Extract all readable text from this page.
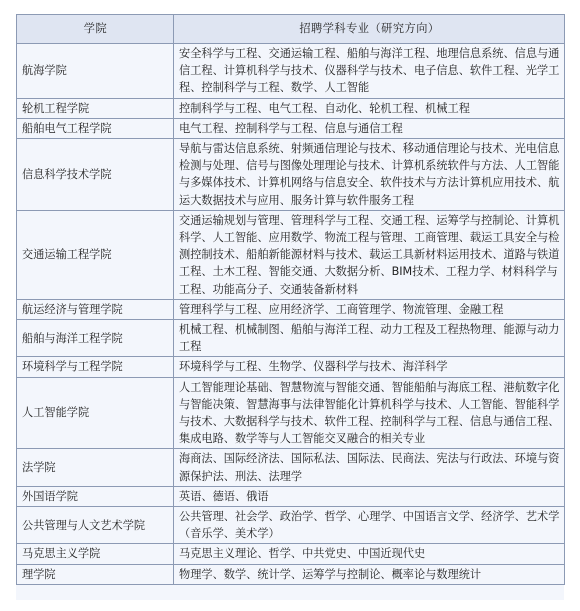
学院	招聘学科专业（研究方向）
航海学院	安全科学与工程、交通运输工程、船舶与海洋工程、地理信息系统、信息与通信工程、计算机科学与技术、仪器科学与技术、电子信息、软件工程、光学工程、控制科学与工程、数学、人工智能
轮机工程学院	控制科学与工程、电气工程、自动化、轮机工程、机械工程
船舶电气工程学院	电气工程、控制科学与工程、信息与通信工程
信息科学技术学院	导航与雷达信息系统、射频通信理论与技术、移动通信理论与技术、光电信息检测与处理、信号与图像处理理论与技术、计算机系统软件与方法、人工智能与多媒体技术、计算机网络与信息安全、软件技术与方法计算机应用技术、航运大数据技术与应用、服务计算与软件服务工程
交通运输工程学院	交通运输规划与管理、管理科学与工程、交通工程、运筹学与控制论、计算机科学、人工智能、应用数学、物流工程与管理、工商管理、载运工具安全与检测控制技术、船舶新能源材料与技术、载运工具新材料运用技术、道路与铁道工程、土木工程、智能交通、大数据分析、BIM技术、工程力学、材料科学与工程、功能高分子、交通装备新材料
航运经济与管理学院	管理科学与工程、应用经济学、工商管理学、物流管理、金融工程
船舶与海洋工程学院	机械工程、机械制图、船舶与海洋工程、动力工程及工程热物理、能源与动力工程
环境科学与工程学院	环境科学与工程、生物学、仪器科学与技术、海洋科学
人工智能学院	人工智能理论基础、智慧物流与智能交通、智能船舶与海底工程、港航数字化与智能决策、智慧海事与法律智能化计算机科学与技术、人工智能、智能科学与技术、大数据科学与技术、软件工程、控制科学与工程、信息与通信工程、集成电路、数学等与人工智能交叉融合的相关专业
法学院	海商法、国际经济法、国际私法、国际法、民商法、宪法与行政法、环境与资源保护法、刑法、法理学
外国语学院	英语、德语、俄语
公共管理与人文艺术学院	公共管理、社会学、政治学、哲学、心理学、中国语言文学、经济学、艺术学（音乐学、美术学）
马克思主义学院	马克思主义理论、哲学、中共党史、中国近现代史
理学院	物理学、数学、统计学、运筹学与控制论、概率论与数理统计
